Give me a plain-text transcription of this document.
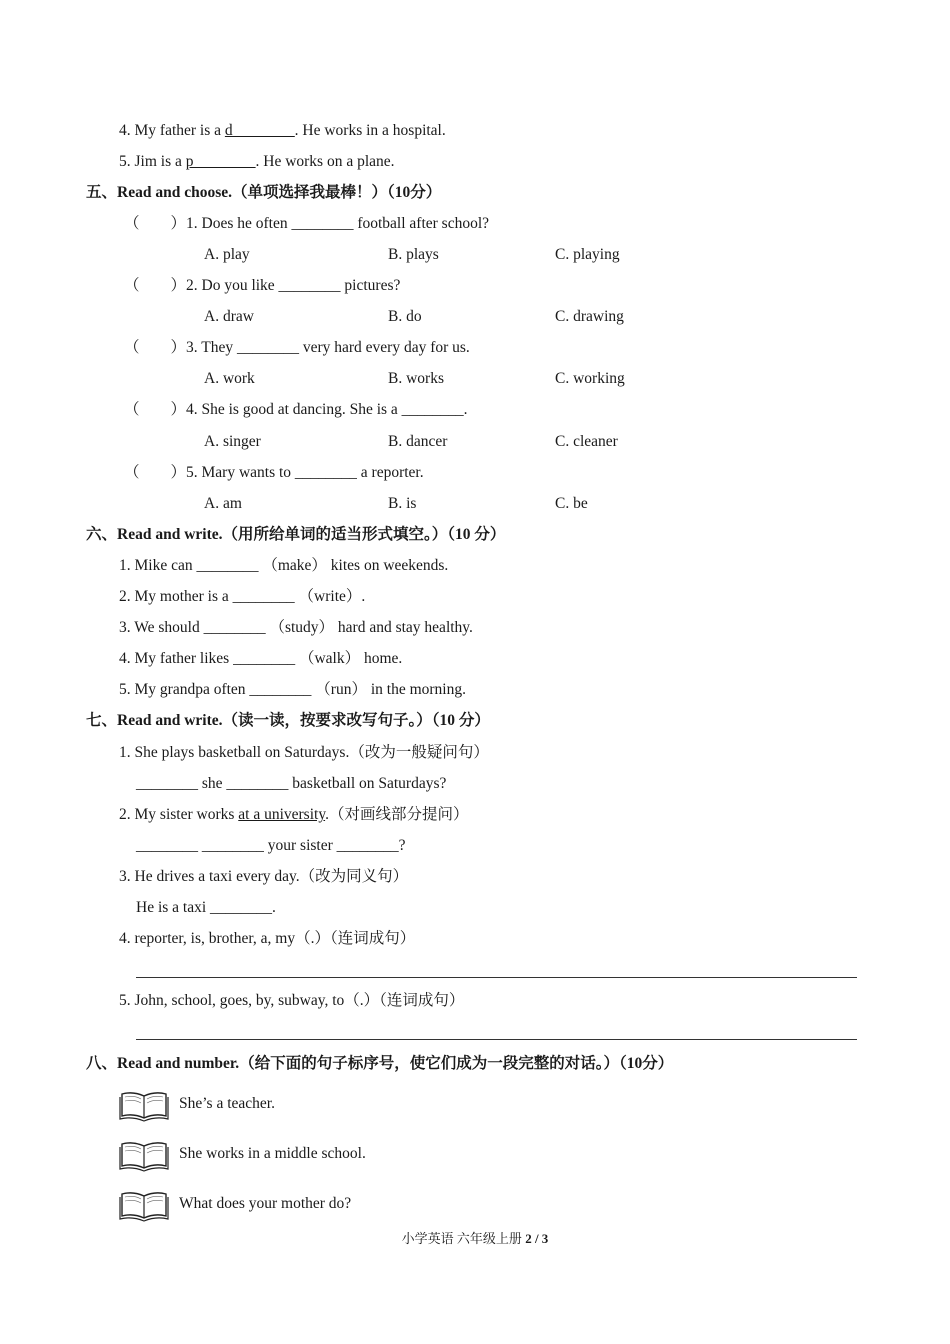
4. My father is a d________. He works in a hospital.
5. Jim is a p________. He works on a plane.
五、Read and choose.（单项选择我最棒！）（10分）
（　　） 1. Does he often ________ football after school?
A. play	B. plays	C. playing
（　　） 2. Do you like ________ pictures?
A. draw	B. do	C. drawing
（　　） 3. They ________ very hard every day for us.
A. work	B. works	C. working
（　　） 4. She is good at dancing. She is a ________.
A. singer	B. dancer	C. cleaner
（　　） 5. Mary wants to ________ a reporter.
A. am	B. is	C. be
六、Read and write.（用所给单词的适当形式填空。）（10 分）
1. Mike can ________ （make） kites on weekends.
2. My mother is a ________ （write）.
3. We should ________ （study） hard and stay healthy.
4. My father likes ________ （walk） home.
5. My grandpa often ________ （run） in the morning.
七、Read and write.（读一读，按要求改写句子。）（10 分）
1. She plays basketball on Saturdays.（改为一般疑问句）
________ she ________ basketball on Saturdays?
2. My sister works at a university.（对画线部分提问）
________ ________ your sister ________?
3. He drives a taxi every day.（改为同义句）
He is a taxi ________.
4. reporter, is, brother, a, my（.）（连词成句）
5. John, school, goes, by, subway, to（.）（连词成句）
八、Read and number.（给下面的句子标序号，使它们成为一段完整的对话。）（10分）
She’s a teacher.
She works in a middle school.
What does your mother do?
小学英语 六年级上册 2 / 3
